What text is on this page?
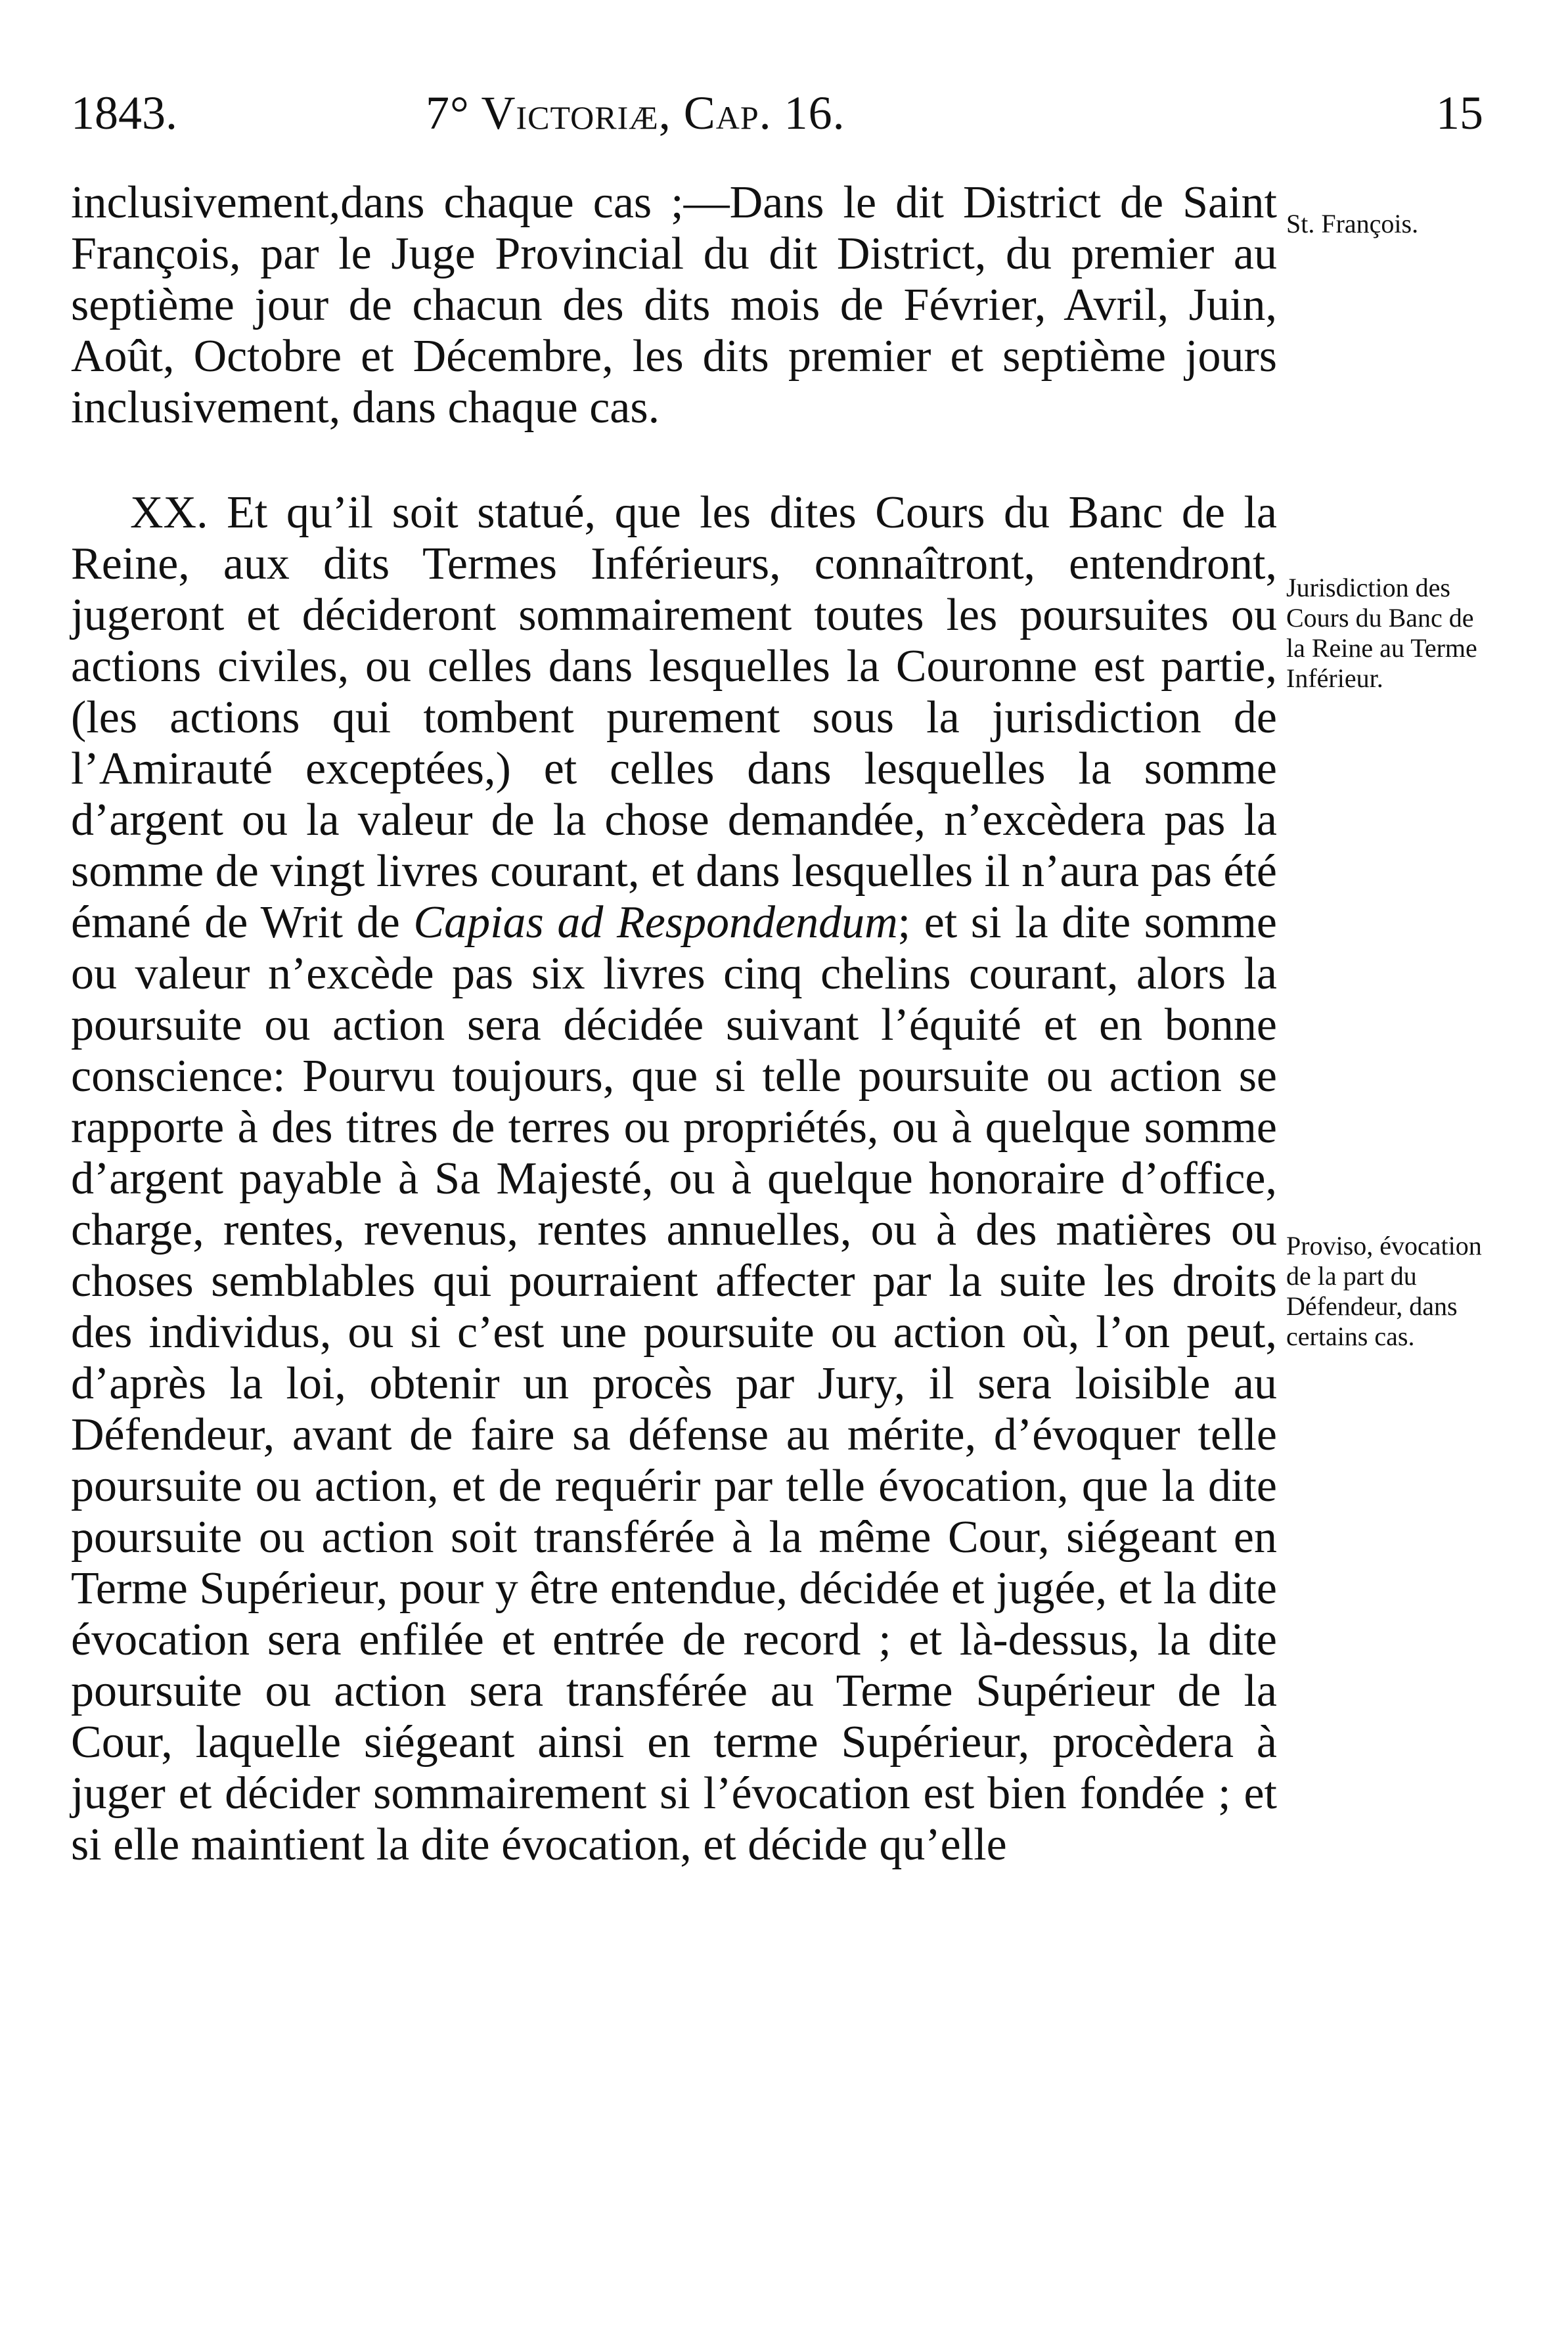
1843.	7° Victoriæ, Cap. 16.	15

inclusivement,dans chaque cas ;—Dans le dit District de Saint François, par le Juge Provincial du dit District, du premier au septième jour de chacun des dits mois de Février, Avril, Juin, Août, Octobre et Décembre, les dits premier et septième jours inclusivement, dans chaque cas.

XX. Et qu’il soit statué, que les dites Cours du Banc de la Reine, aux dits Termes Inférieurs, connaîtront, entendront, jugeront et décideront sommairement toutes les poursuites ou actions civiles, ou celles dans lesquelles la Couronne est partie, (les actions qui tombent purement sous la jurisdiction de l’Amirauté exceptées,) et celles dans lesquelles la somme d’argent ou la valeur de la chose demandée, n’excèdera pas la somme de vingt livres courant, et dans lesquelles il n’aura pas été émané de Writ de Capias ad Respondendum; et si la dite somme ou valeur n’excède pas six livres cinq chelins courant, alors la poursuite ou action sera décidée suivant l’équité et en bonne conscience: Pourvu toujours, que si telle poursuite ou action se rapporte à des titres de terres ou propriétés, ou à quelque somme d’argent payable à Sa Majesté, ou à quelque honoraire d’office, charge, rentes, revenus, rentes annuelles, ou à des matières ou choses semblables qui pourraient affecter par la suite les droits des individus, ou si c’est une poursuite ou action où, l’on peut, d’après la loi, obtenir un procès par Jury, il sera loisible au Défendeur, avant de faire sa défense au mérite, d’évoquer telle poursuite ou action, et de requérir par telle évocation, que la dite poursuite ou action soit transférée à la même Cour, siégeant en Terme Supérieur, pour y être entendue, décidée et jugée, et la dite évocation sera enfilée et entrée de record ; et là-dessus, la dite poursuite ou action sera transférée au Terme Supérieur de la Cour, laquelle siégeant ainsi en terme Supérieur, procèdera à juger et décider sommairement si l’évocation est bien fondée ; et si elle maintient la dite évocation, et décide qu’elle

St. François.
Jurisdiction des Cours du Banc de la Reine au Terme Inférieur.
Proviso, évocation de la part du Défendeur, dans certains cas.
